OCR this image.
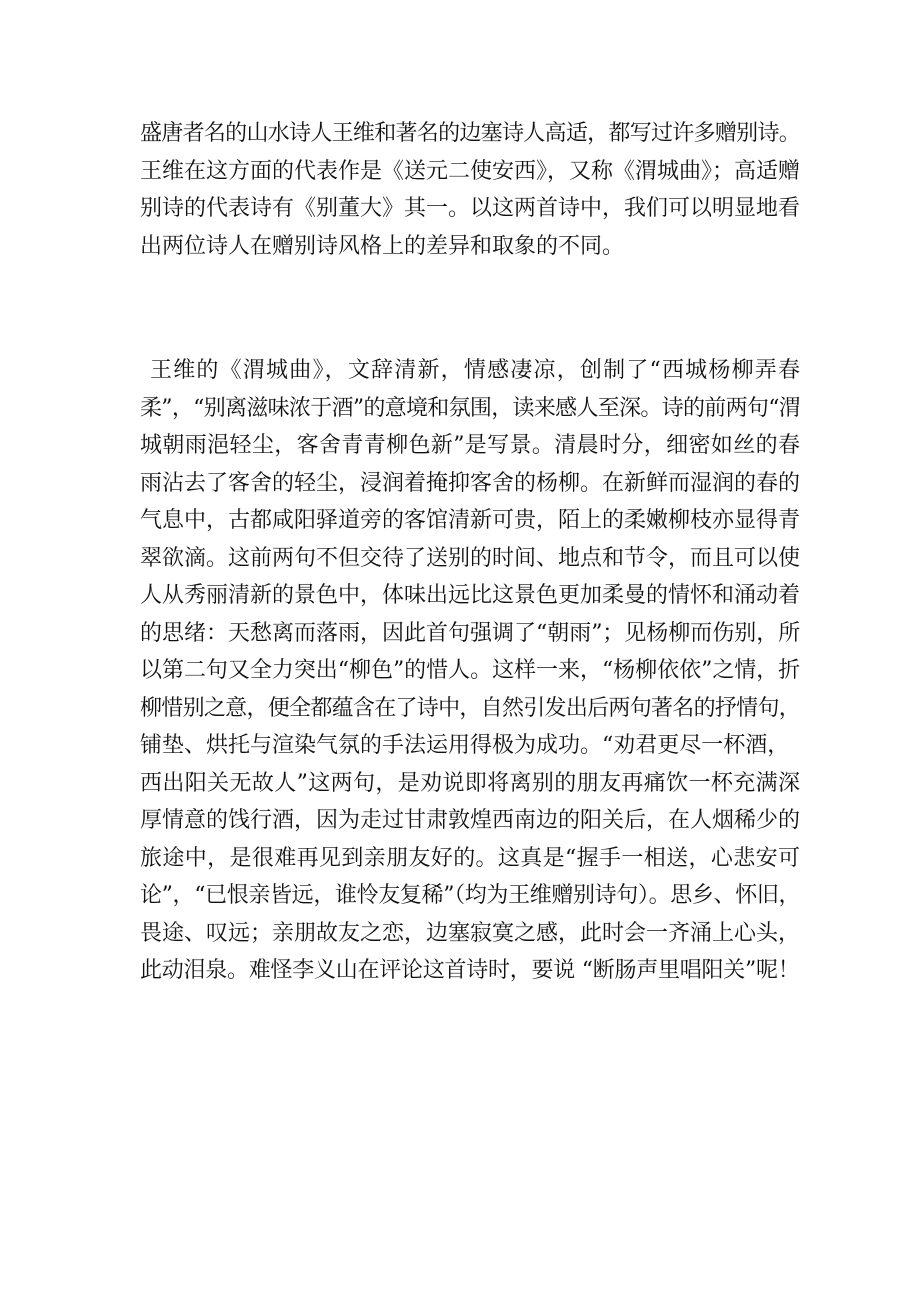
盛唐者名的山水诗人王维和著名的边塞诗人高适，都写过许多赠别诗。
王维在这方面的代表作是《送元二使安西》，又称《渭城曲》；高适赠
别诗的代表诗有《别董大》其一。以这两首诗中，我们可以明显地看
出两位诗人在赠别诗风格上的差异和取象的不同。
王维的《渭城曲》，文辞清新，情感凄凉，创制了“西城杨柳弄春
柔”，“别离滋味浓于酒”的意境和氛围，读来感人至深。诗的前两句“渭
城朝雨浥轻尘，客舍青青柳色新”是写景。清晨时分，细密如丝的春
雨沾去了客舍的轻尘，浸润着掩抑客舍的杨柳。在新鲜而湿润的春的
气息中，古都咸阳驿道旁的客馆清新可贵，陌上的柔嫩柳枝亦显得青
翠欲滴。这前两句不但交待了送别的时间、地点和节令，而且可以使
人从秀丽清新的景色中，体味出远比这景色更加柔曼的情怀和涌动着
的思绪：天愁离而落雨，因此首句强调了“朝雨”；见杨柳而伤别，所
以第二句又全力突出“柳色”的惜人。这样一来，“杨柳依依”之情，折
柳惜别之意，便全都蕴含在了诗中，自然引发出后两句著名的抒情句，
铺垫、烘托与渲染气氛的手法运用得极为成功。“劝君更尽一杯酒，
西出阳关无故人”这两句，是劝说即将离别的朋友再痛饮一杯充满深
厚情意的饯行酒，因为走过甘肃敦煌西南边的阳关后，在人烟稀少的
旅途中，是很难再见到亲朋友好的。这真是“握手一相送，心悲安可
论”，“已恨亲皆远，谁怜友复稀”（均为王维赠别诗句）。思乡、怀旧，
畏途、叹远；亲朋故友之恋，边塞寂寞之感，此时会一齐涌上心头，
此动泪泉。难怪李义山在评论这首诗时，要说 “断肠声里唱阳关”呢！
